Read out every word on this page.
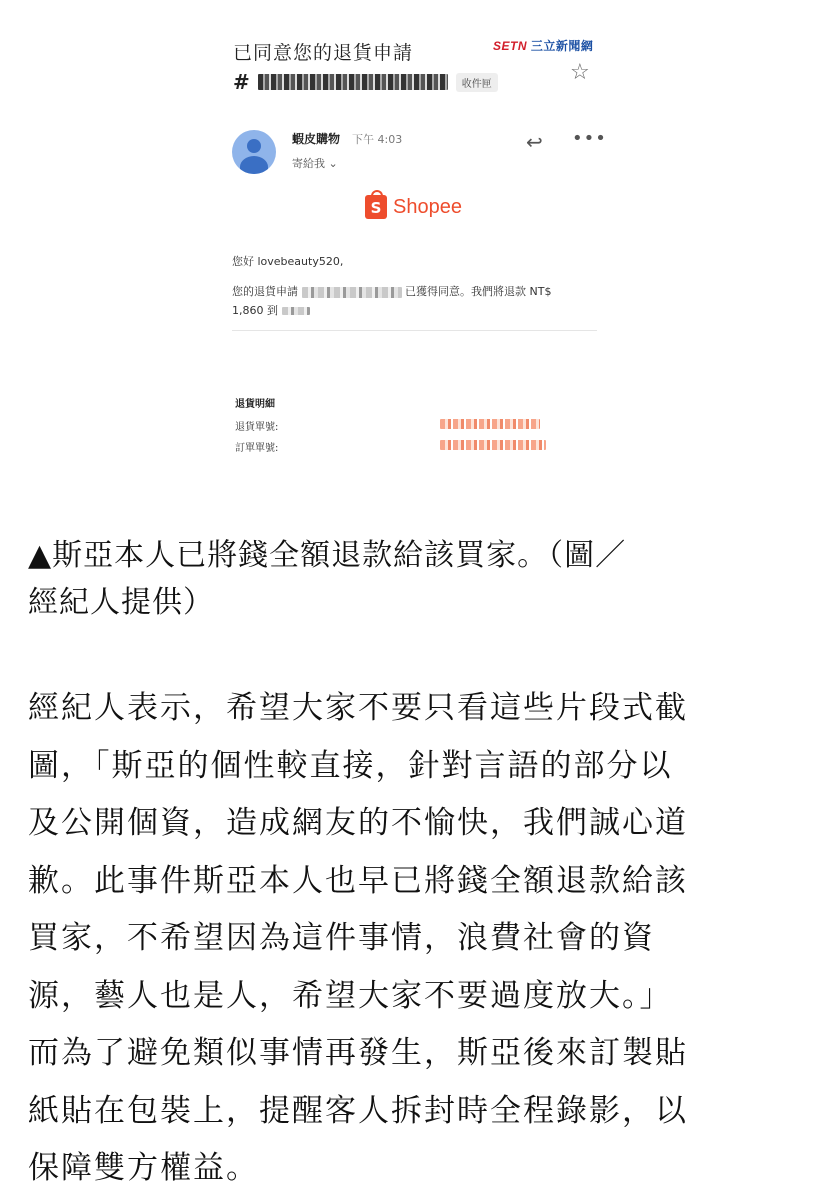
已同意您的退貨申請	SETN 三立新聞網
#	收件匣	☆
蝦皮購物 下午 4:03
寄給我 ⌄
↩ •••
S Shopee
您好 lovebeauty520,
您的退貨申請	已獲得同意。我們將退款 NT$
1,860 到
退貨明細
退貨單號:
訂單單號:
▲斯亞本人已將錢全額退款給該買家。（圖／
經紀人提供）
經紀人表示，希望大家不要只看這些片段式截
圖，「斯亞的個性較直接，針對言語的部分以
及公開個資，造成網友的不愉快，我們誠心道
歉。此事件斯亞本人也早已將錢全額退款給該
買家，不希望因為這件事情，浪費社會的資
源，藝人也是人，希望大家不要過度放大。」
而為了避免類似事情再發生，斯亞後來訂製貼
紙貼在包裝上，提醒客人拆封時全程錄影，以
保障雙方權益。
